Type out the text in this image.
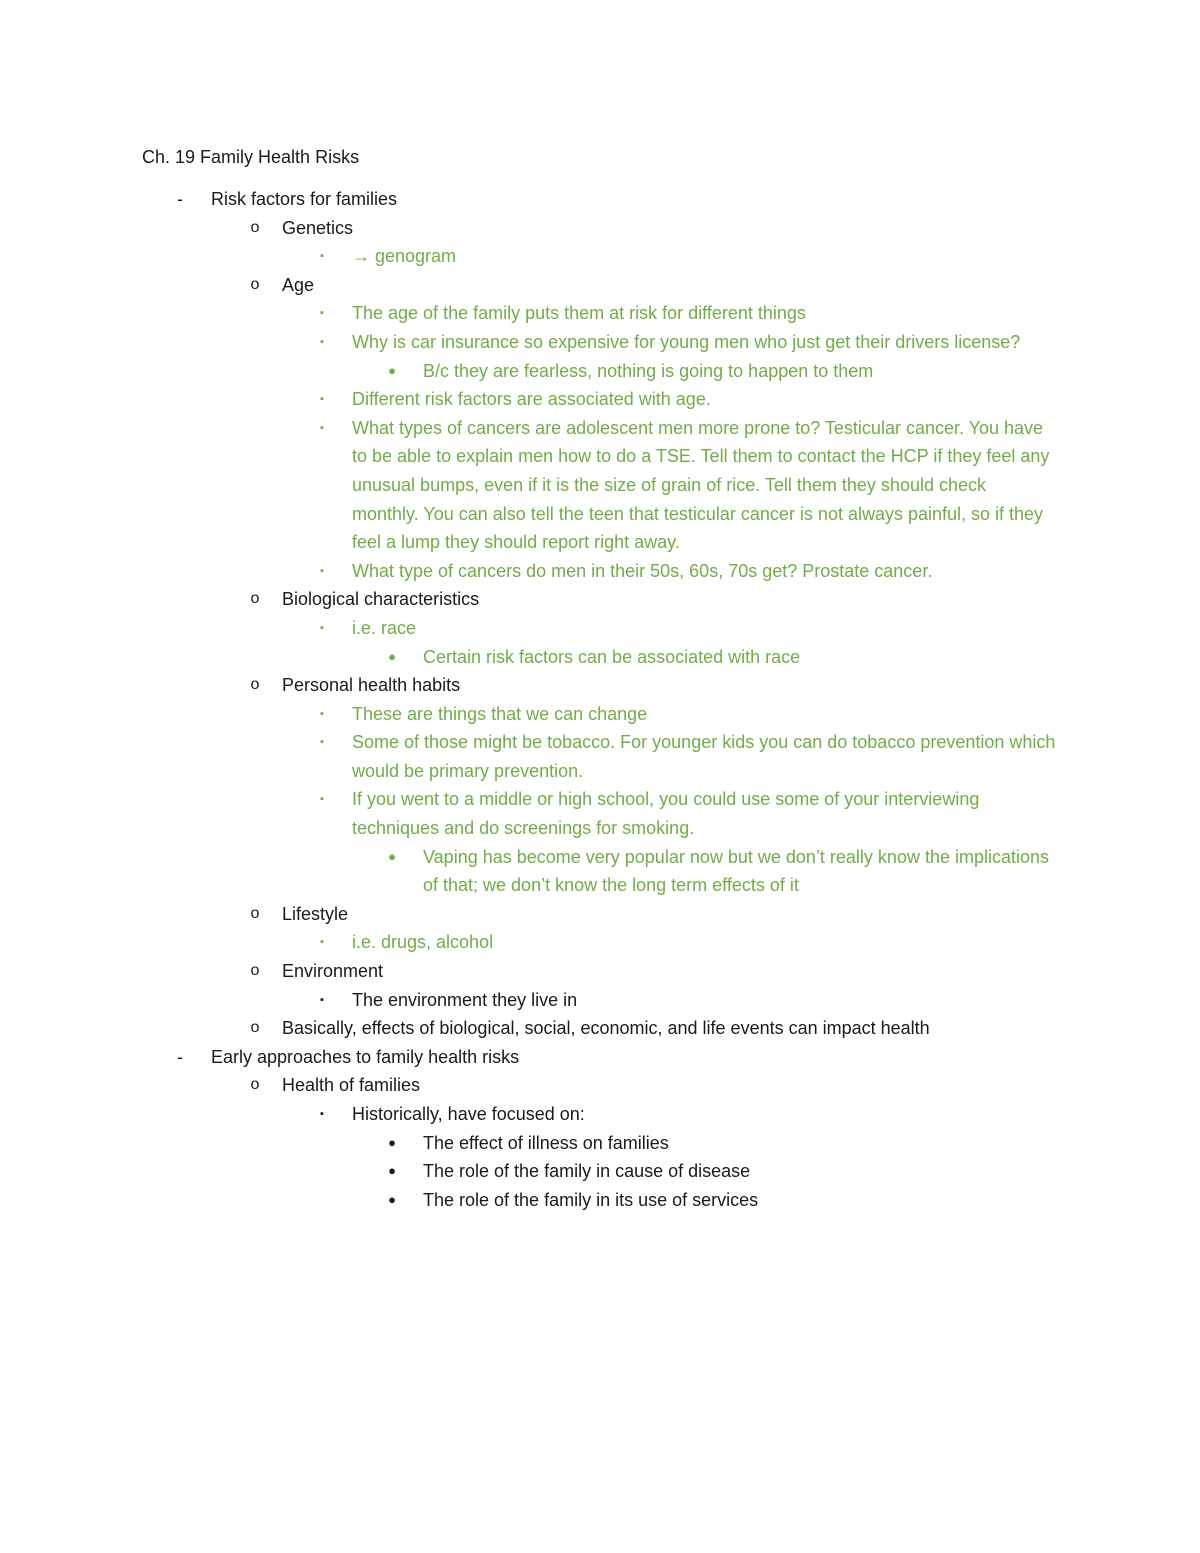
Ch. 19 Family Health Risks
- Risk factors for families
o Genetics
▪	→ genogram
o Age
▪	The age of the family puts them at risk for different things
▪	Why is car insurance so expensive for young men who just get their drivers license?
● B/c they are fearless, nothing is going to happen to them
▪	Different risk factors are associated with age.
▪	What types of cancers are adolescent men more prone to? Testicular cancer. You have to be able to explain men how to do a TSE. Tell them to contact the HCP if they feel any unusual bumps, even if it is the size of grain of rice. Tell them they should check monthly. You can also tell the teen that testicular cancer is not always painful, so if they feel a lump they should report right away.
▪	What type of cancers do men in their 50s, 60s, 70s get? Prostate cancer.
o Biological characteristics
▪	i.e. race
● Certain risk factors can be associated with race
o Personal health habits
▪	These are things that we can change
▪	Some of those might be tobacco. For younger kids you can do tobacco prevention which would be primary prevention.
▪	If you went to a middle or high school, you could use some of your interviewing techniques and do screenings for smoking.
● Vaping has become very popular now but we don’t really know the implications of that; we don’t know the long term effects of it
o Lifestyle
▪	i.e. drugs, alcohol
o Environment
▪	The environment they live in
o Basically, effects of biological, social, economic, and life events can impact health
- Early approaches to family health risks
o Health of families
▪	Historically, have focused on:
● The effect of illness on families
● The role of the family in cause of disease
● The role of the family in its use of services
